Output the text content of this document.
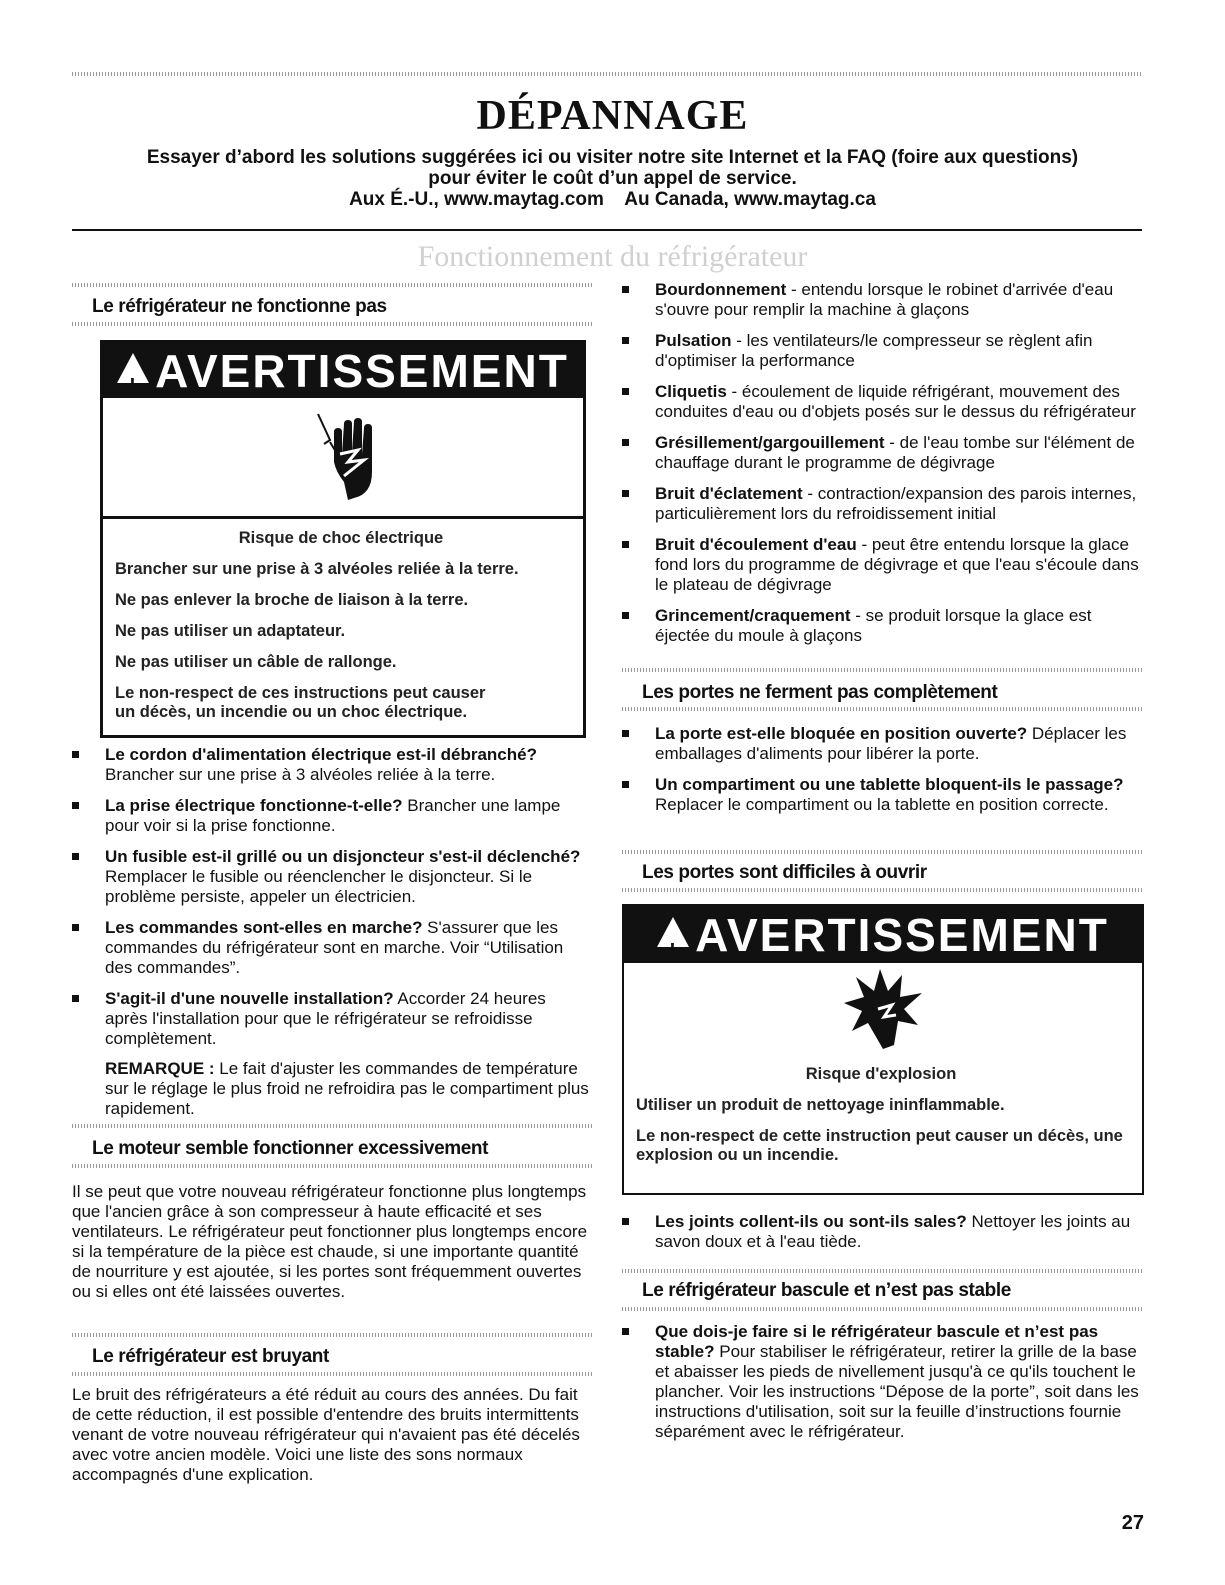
DÉPANNAGE
Essayer d’abord les solutions suggérées ici ou visiter notre site Internet et la FAQ (foire aux questions)
pour éviter le coût d’un appel de service.
Aux É.-U., www.maytag.com    Au Canada, www.maytag.ca
Fonctionnement du réfrigérateur
Le réfrigérateur ne fonctionne pas
!AVERTISSEMENT

Risque de choc électrique

Brancher sur une prise à 3 alvéoles reliée à la terre.

Ne pas enlever la broche de liaison à la terre.

Ne pas utiliser un adaptateur.

Ne pas utiliser un câble de rallonge.

Le non-respect de ces instructions peut causer un décès, un incendie ou un choc électrique.

Le cordon d'alimentation électrique est-il débranché? Brancher sur une prise à 3 alvéoles reliée à la terre.
La prise électrique fonctionne-t-elle? Brancher une lampe pour voir si la prise fonctionne.
Un fusible est-il grillé ou un disjoncteur s'est-il déclenché? Remplacer le fusible ou réenclencher le disjoncteur. Si le problème persiste, appeler un électricien.
Les commandes sont-elles en marche? S'assurer que les commandes du réfrigérateur sont en marche. Voir “Utilisation des commandes”.
S'agit-il d'une nouvelle installation? Accorder 24 heures après l'installation pour que le réfrigérateur se refroidisse complètement.
REMARQUE : Le fait d'ajuster les commandes de température sur le réglage le plus froid ne refroidira pas le compartiment plus rapidement.
Le moteur semble fonctionner excessivement
Il se peut que votre nouveau réfrigérateur fonctionne plus longtemps que l'ancien grâce à son compresseur à haute efficacité et ses ventilateurs. Le réfrigérateur peut fonctionner plus longtemps encore si la température de la pièce est chaude, si une importante quantité de nourriture y est ajoutée, si les portes sont fréquemment ouvertes ou si elles ont été laissées ouvertes.
Le réfrigérateur est bruyant
Le bruit des réfrigérateurs a été réduit au cours des années. Du fait de cette réduction, il est possible d'entendre des bruits intermittents venant de votre nouveau réfrigérateur qui n'avaient pas été décelés avec votre ancien modèle. Voici une liste des sons normaux accompagnés d'une explication.
Bourdonnement - entendu lorsque le robinet d'arrivée d'eau s'ouvre pour remplir la machine à glaçons
Pulsation - les ventilateurs/le compresseur se règlent afin d'optimiser la performance
Cliquetis - écoulement de liquide réfrigérant, mouvement des conduites d'eau ou d'objets posés sur le dessus du réfrigérateur
Grésillement/gargouillement - de l'eau tombe sur l'élément de chauffage durant le programme de dégivrage
Bruit d'éclatement - contraction/expansion des parois internes, particulièrement lors du refroidissement initial
Bruit d'écoulement d'eau - peut être entendu lorsque la glace fond lors du programme de dégivrage et que l'eau s'écoule dans le plateau de dégivrage
Grincement/craquement - se produit lorsque la glace est éjectée du moule à glaçons
Les portes ne ferment pas complètement
La porte est-elle bloquée en position ouverte? Déplacer les emballages d'aliments pour libérer la porte.
Un compartiment ou une tablette bloquent-ils le passage? Replacer le compartiment ou la tablette en position correcte.
Les portes sont difficiles à ouvrir
!AVERTISSEMENT

Risque d'explosion

Utiliser un produit de nettoyage ininflammable.

Le non-respect de cette instruction peut causer un décès, une explosion ou un incendie.

Les joints collent-ils ou sont-ils sales? Nettoyer les joints au savon doux et à l'eau tiède.
Le réfrigérateur bascule et n’est pas stable
Que dois-je faire si le réfrigérateur bascule et n’est pas stable? Pour stabiliser le réfrigérateur, retirer la grille de la base et abaisser les pieds de nivellement jusqu'à ce qu'ils touchent le plancher. Voir les instructions “Dépose de la porte”, soit dans les instructions d'utilisation, soit sur la feuille d’instructions fournie séparément avec le réfrigérateur.
27
